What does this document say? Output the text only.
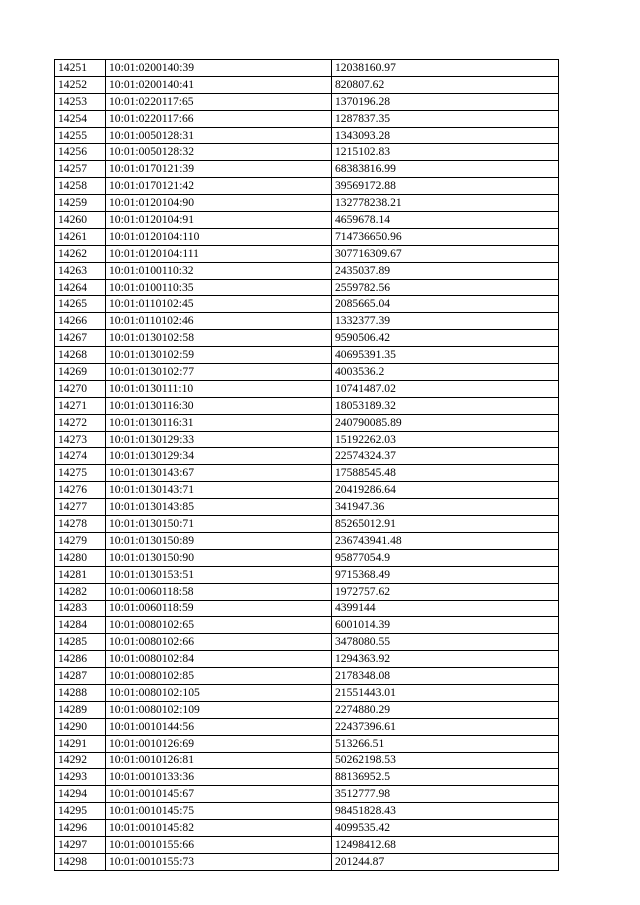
14251	10:01:0200140:39	12038160.97
14252	10:01:0200140:41	820807.62
14253	10:01:0220117:65	1370196.28
14254	10:01:0220117:66	1287837.35
14255	10:01:0050128:31	1343093.28
14256	10:01:0050128:32	1215102.83
14257	10:01:0170121:39	68383816.99
14258	10:01:0170121:42	39569172.88
14259	10:01:0120104:90	132778238.21
14260	10:01:0120104:91	4659678.14
14261	10:01:0120104:110	714736650.96
14262	10:01:0120104:111	307716309.67
14263	10:01:0100110:32	2435037.89
14264	10:01:0100110:35	2559782.56
14265	10:01:0110102:45	2085665.04
14266	10:01:0110102:46	1332377.39
14267	10:01:0130102:58	9590506.42
14268	10:01:0130102:59	40695391.35
14269	10:01:0130102:77	4003536.2
14270	10:01:0130111:10	10741487.02
14271	10:01:0130116:30	18053189.32
14272	10:01:0130116:31	240790085.89
14273	10:01:0130129:33	15192262.03
14274	10:01:0130129:34	22574324.37
14275	10:01:0130143:67	17588545.48
14276	10:01:0130143:71	20419286.64
14277	10:01:0130143:85	341947.36
14278	10:01:0130150:71	85265012.91
14279	10:01:0130150:89	236743941.48
14280	10:01:0130150:90	95877054.9
14281	10:01:0130153:51	9715368.49
14282	10:01:0060118:58	1972757.62
14283	10:01:0060118:59	4399144
14284	10:01:0080102:65	6001014.39
14285	10:01:0080102:66	3478080.55
14286	10:01:0080102:84	1294363.92
14287	10:01:0080102:85	2178348.08
14288	10:01:0080102:105	21551443.01
14289	10:01:0080102:109	2274880.29
14290	10:01:0010144:56	22437396.61
14291	10:01:0010126:69	513266.51
14292	10:01:0010126:81	50262198.53
14293	10:01:0010133:36	88136952.5
14294	10:01:0010145:67	3512777.98
14295	10:01:0010145:75	98451828.43
14296	10:01:0010145:82	4099535.42
14297	10:01:0010155:66	12498412.68
14298	10:01:0010155:73	201244.87
